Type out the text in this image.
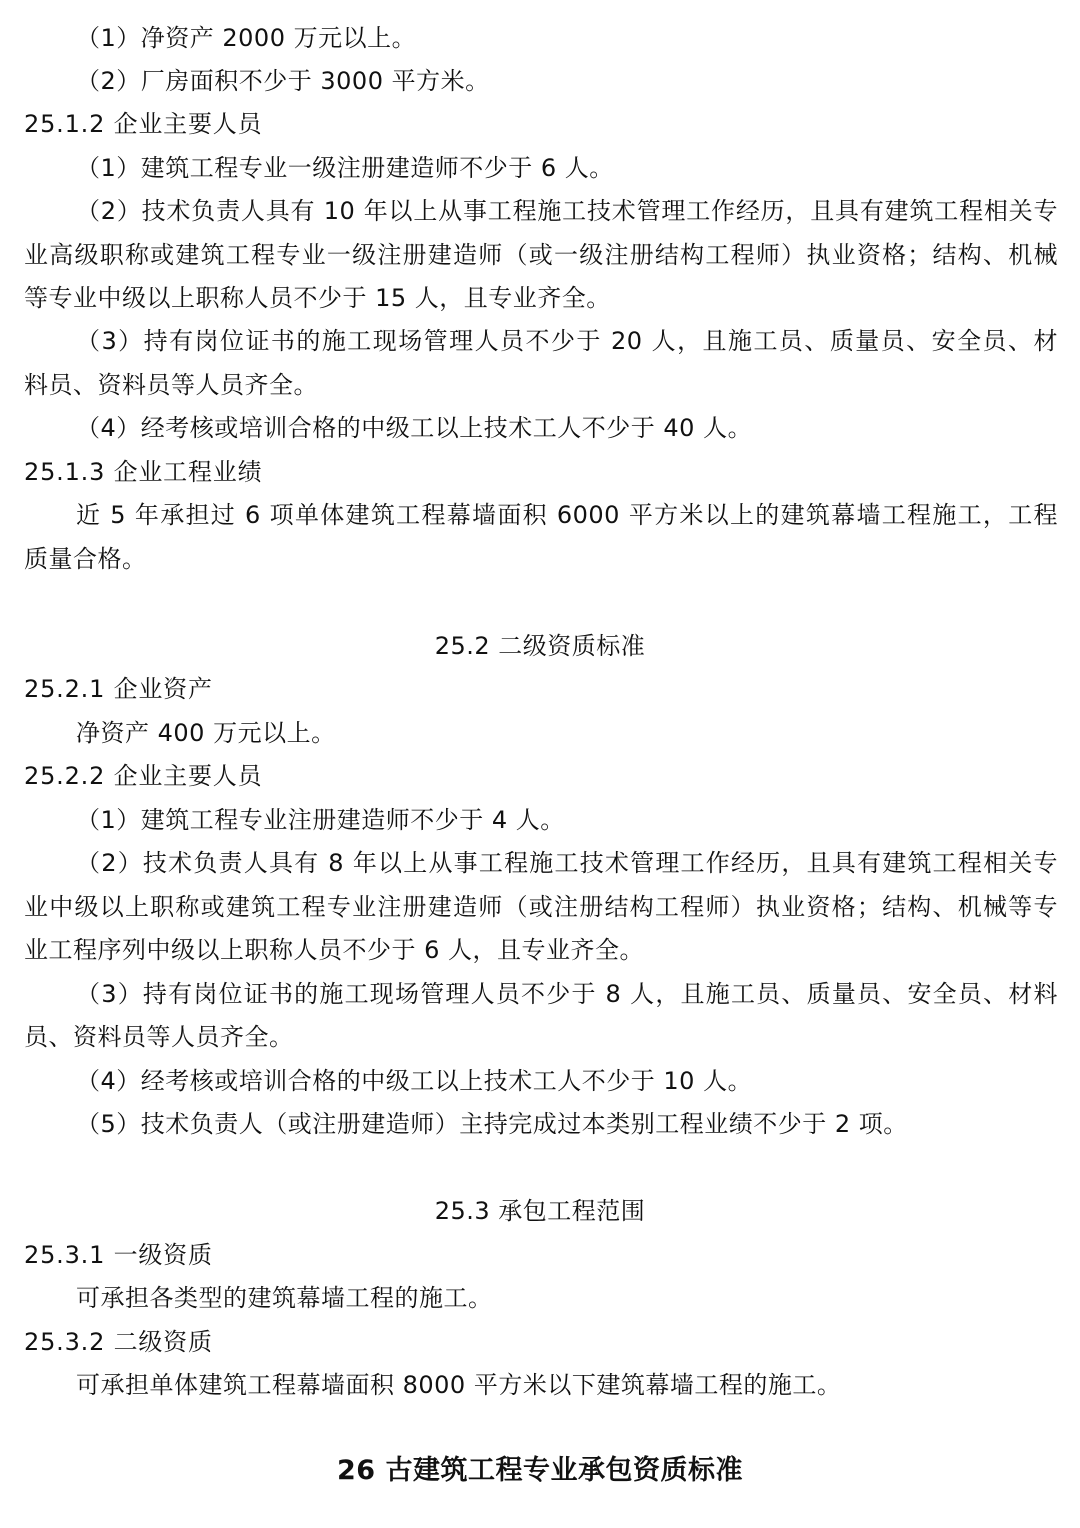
（1）净资产 2000 万元以上。
（2）厂房面积不少于 3000 平方米。
25.1.2 企业主要人员
（1）建筑工程专业一级注册建造师不少于 6 人。
（2）技术负责人具有 10 年以上从事工程施工技术管理工作经历，且具有建筑工程相关专
业高级职称或建筑工程专业一级注册建造师（或一级注册结构工程师）执业资格；结构、机械
等专业中级以上职称人员不少于 15 人，且专业齐全。
（3）持有岗位证书的施工现场管理人员不少于 20 人，且施工员、质量员、安全员、材
料员、资料员等人员齐全。
（4）经考核或培训合格的中级工以上技术工人不少于 40 人。
25.1.3 企业工程业绩
近 5 年承担过 6 项单体建筑工程幕墙面积 6000 平方米以上的建筑幕墙工程施工，工程
质量合格。
25.2 二级资质标准
25.2.1 企业资产
净资产 400 万元以上。
25.2.2 企业主要人员
（1）建筑工程专业注册建造师不少于 4 人。
（2）技术负责人具有 8 年以上从事工程施工技术管理工作经历，且具有建筑工程相关专
业中级以上职称或建筑工程专业注册建造师（或注册结构工程师）执业资格；结构、机械等专
业工程序列中级以上职称人员不少于 6 人，且专业齐全。
（3）持有岗位证书的施工现场管理人员不少于 8 人，且施工员、质量员、安全员、材料
员、资料员等人员齐全。
（4）经考核或培训合格的中级工以上技术工人不少于 10 人。
（5）技术负责人（或注册建造师）主持完成过本类别工程业绩不少于 2 项。
25.3 承包工程范围
25.3.1 一级资质
可承担各类型的建筑幕墙工程的施工。
25.3.2 二级资质
可承担单体建筑工程幕墙面积 8000 平方米以下建筑幕墙工程的施工。
26 古建筑工程专业承包资质标准
